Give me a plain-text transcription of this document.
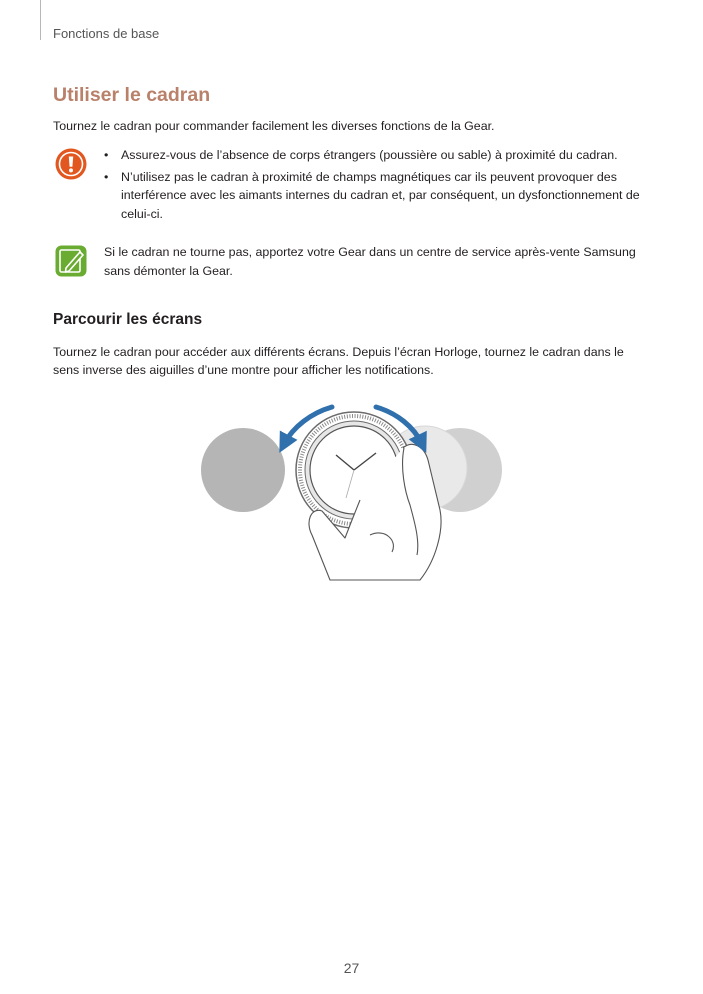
Fonctions de base
Utiliser le cadran

Tournez le cadran pour commander facilement les diverses fonctions de la Gear.

• Assurez-vous de l’absence de corps étrangers (poussière ou sable) à proximité du cadran.
• N’utilisez pas le cadran à proximité de champs magnétiques car ils peuvent provoquer des interférence avec les aimants internes du cadran et, par conséquent, un dysfonctionnement de celui-ci.

Si le cadran ne tourne pas, apportez votre Gear dans un centre de service après-vente Samsung sans démonter la Gear.

Parcourir les écrans

Tournez le cadran pour accéder aux différents écrans. Depuis l’écran Horloge, tournez le cadran dans le sens inverse des aiguilles d’une montre pour afficher les notifications.

27
